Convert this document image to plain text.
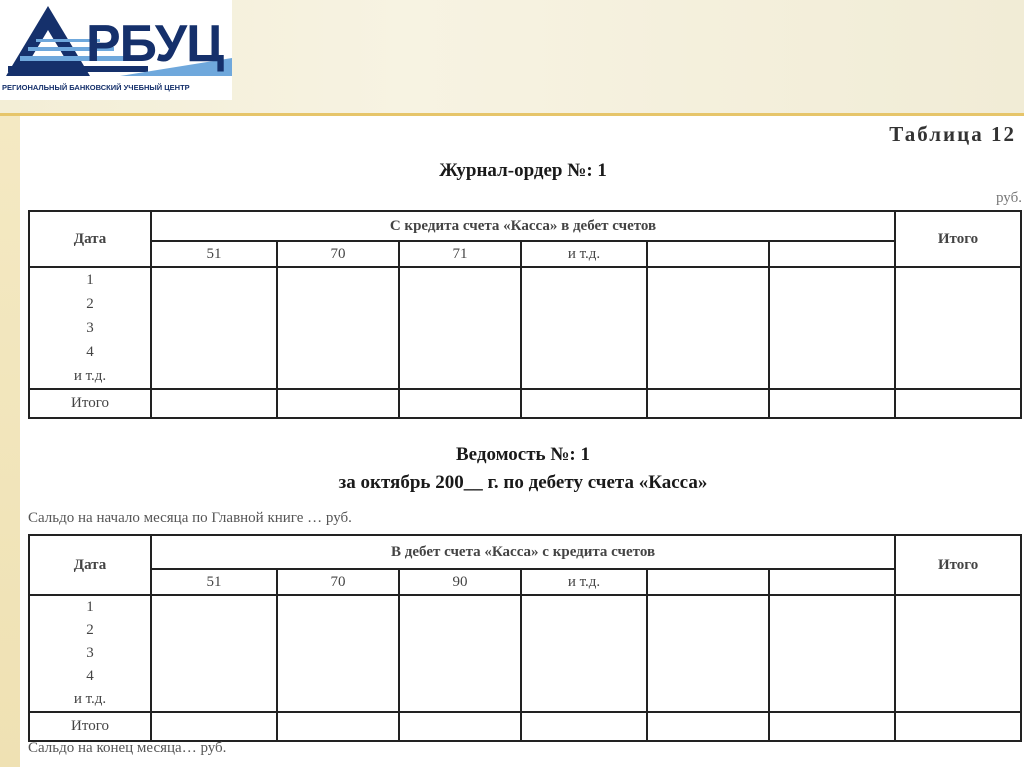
РБУЦ
РЕГИОНАЛЬНЫЙ БАНКОВСКИЙ УЧЕБНЫЙ ЦЕНТР
Таблица 12
Журнал-ордер №: 1
руб.
Дата	С кредита счета «Касса» в дебет счетов						Итого
	51	70	71	и т.д.			

1
2
3
4
и т.д.							

Итого							
Ведомость №: 1
за октябрь 200__ г. по дебету счета «Касса»
Сальдо на начало месяца по Главной книге … руб.
Дата	В дебет счета «Касса» с кредита счетов						Итого
	51	70	90	и т.д.			

1
2
3
4
и т.д.							

Итого							
Сальдо на конец месяца… руб.
